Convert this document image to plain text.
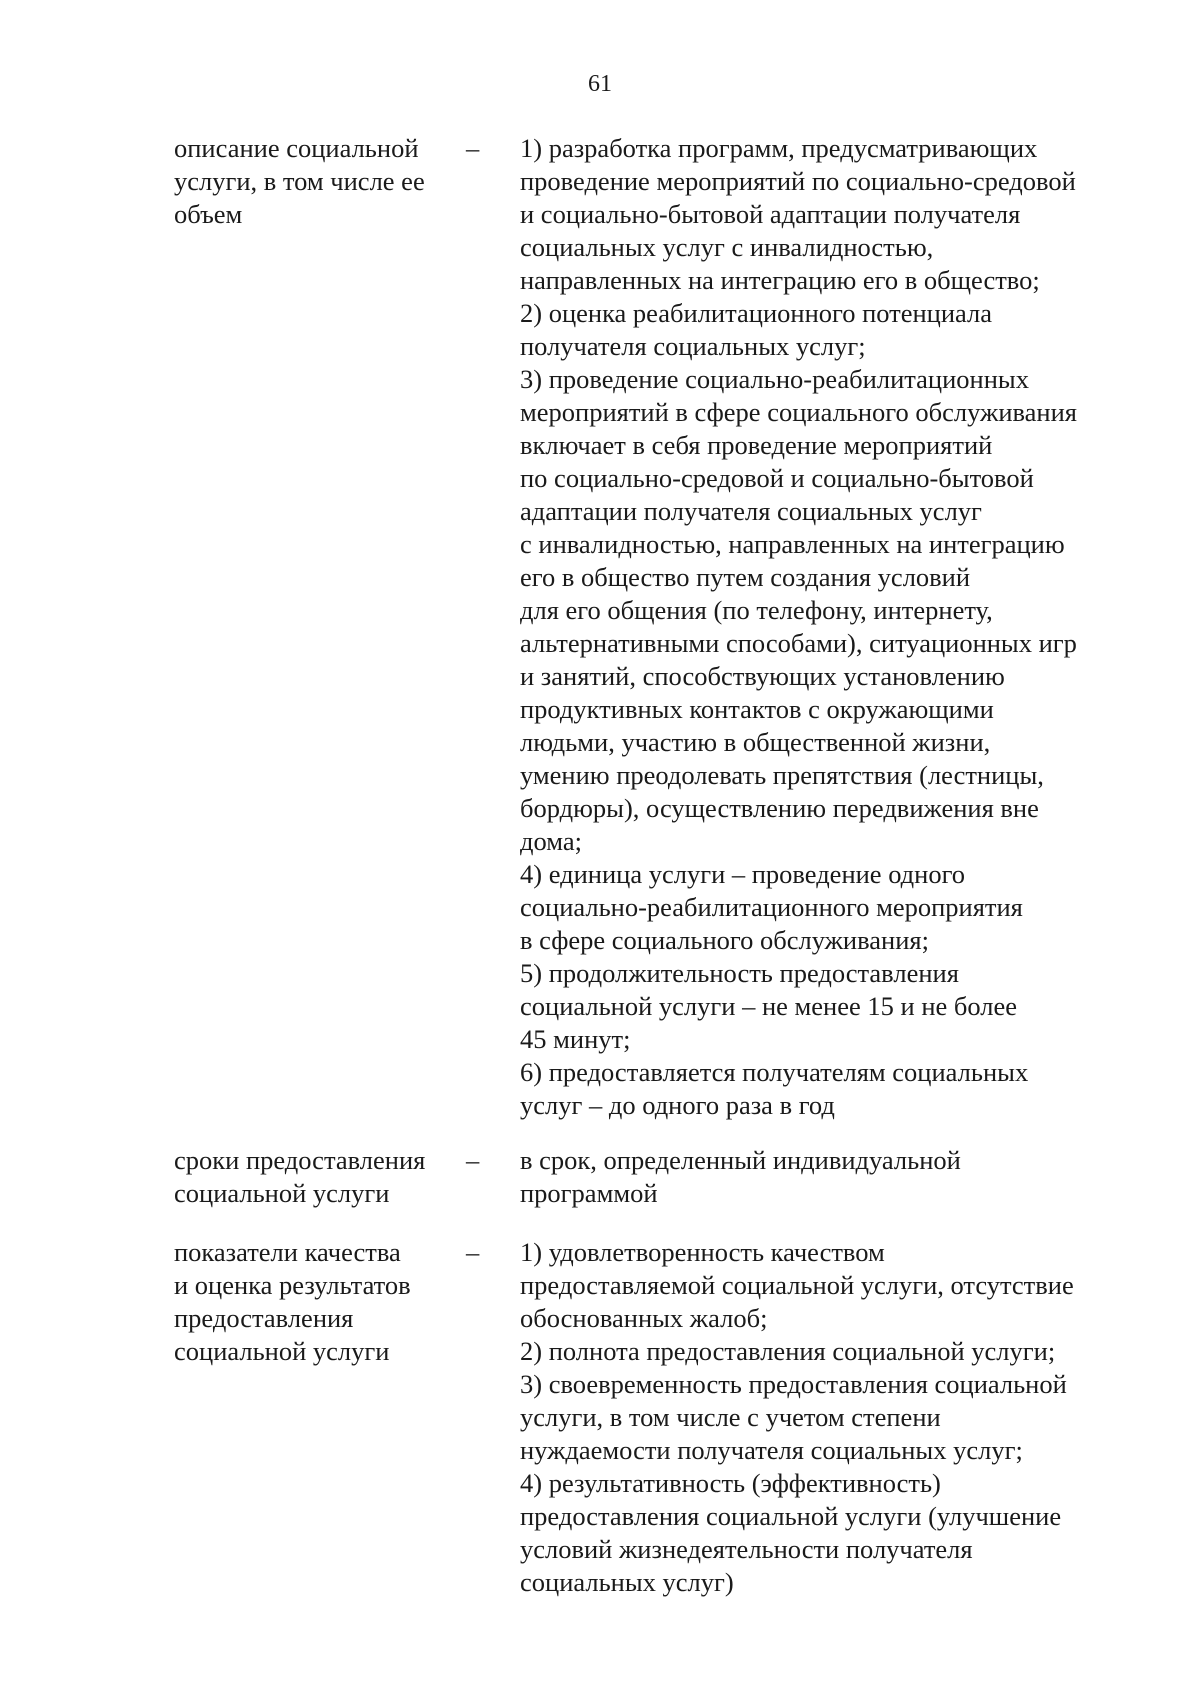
61
описание социальной
услуги, в том числе ее
объем
– 1) разработка программ, предусматривающих
проведение мероприятий по социально-средовой
и социально-бытовой адаптации получателя
социальных услуг с инвалидностью,
направленных на интеграцию его в общество;
2) оценка реабилитационного потенциала
получателя социальных услуг;
3) проведение социально-реабилитационных
мероприятий в сфере социального обслуживания
включает в себя проведение мероприятий
по социально-средовой и социально-бытовой
адаптации получателя социальных услуг
с инвалидностью, направленных на интеграцию
его в общество путем создания условий
для его общения (по телефону, интернету,
альтернативными способами), ситуационных игр
и занятий, способствующих установлению
продуктивных контактов с окружающими
людьми, участию в общественной жизни,
умению преодолевать препятствия (лестницы,
бордюры), осуществлению передвижения вне
дома;
4) единица услуги – проведение одного
социально-реабилитационного мероприятия
в сфере социального обслуживания;
5) продолжительность предоставления
социальной услуги – не менее 15 и не более
45 минут;
6) предоставляется получателям социальных
услуг – до одного раза в год
сроки предоставления
социальной услуги
– в срок, определенный индивидуальной
программой
показатели качества
и оценка результатов
предоставления
социальной услуги
– 1) удовлетворенность качеством
предоставляемой социальной услуги, отсутствие
обоснованных жалоб;
2) полнота предоставления социальной услуги;
3) своевременность предоставления социальной
услуги, в том числе с учетом степени
нуждаемости получателя социальных услуг;
4) результативность (эффективность)
предоставления социальной услуги (улучшение
условий жизнедеятельности получателя
социальных услуг)
